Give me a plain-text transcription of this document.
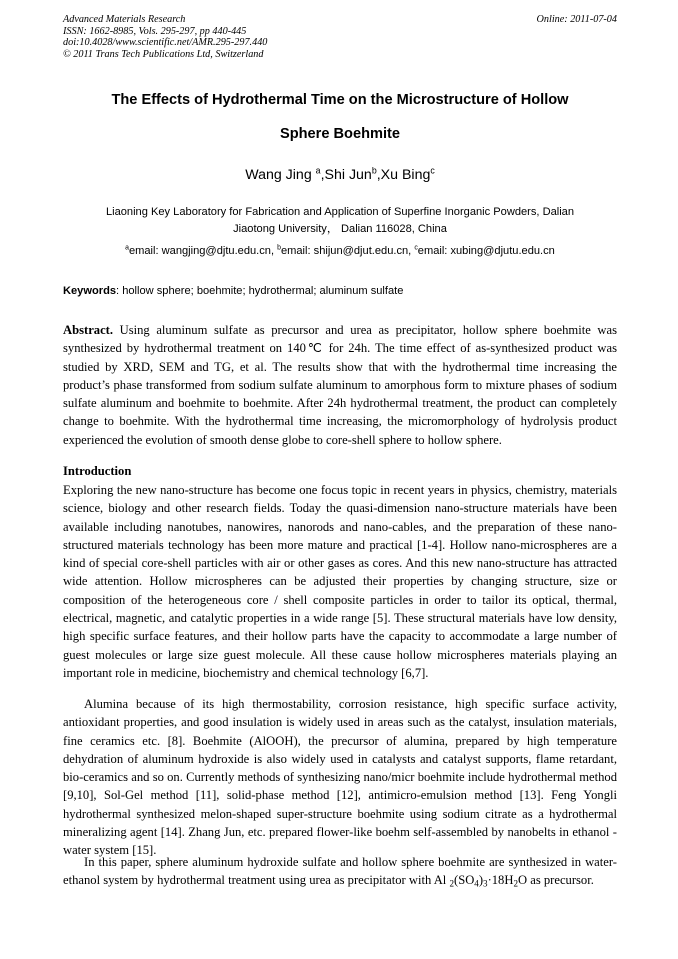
Advanced Materials Research
ISSN: 1662-8985, Vols. 295-297, pp 440-445
doi:10.4028/www.scientific.net/AMR.295-297.440
© 2011 Trans Tech Publications Ltd, Switzerland
Online: 2011-07-04
The Effects of Hydrothermal Time on the Microstructure of Hollow
Sphere Boehmite
Wang Jing $^a$,Shi Jun$^b$,Xu Bing$^c$
Liaoning Key Laboratory for Fabrication and Application of Superfine Inorganic Powders, Dalian
Jiaotong University， Dalian 116028, China
$^a$email: wangjing@djtu.edu.cn, $^b$email: shijun@djut.edu.cn, $^c$email: xubing@djutu.edu.cn
Keywords: hollow sphere; boehmite; hydrothermal; aluminum sulfate
Abstract. Using aluminum sulfate as precursor and urea as precipitator, hollow sphere boehmite was synthesized by hydrothermal treatment on 140℃ for 24h. The time effect of as-synthesized product was studied by XRD, SEM and TG, et al. The results show that with the hydrothermal time increasing the product’s phase transformed from sodium sulfate aluminum to amorphous form to mixture phases of sodium sulfate aluminum and boehmite to boehmite. After 24h hydrothermal treatment, the product can completely change to boehmite. With the hydrothermal time increasing, the micromorphology of hydrolysis product experienced the evolution of smooth dense globe to core-shell sphere to hollow sphere.
Introduction
Exploring the new nano-structure has become one focus topic in recent years in physics, chemistry, materials science, biology and other research fields. Today the quasi-dimension nano-structure materials have been available including nanotubes, nanowires, nanorods and nano-cables, and the preparation of these nano-structured materials technology has been more mature and practical [1-4]. Hollow nano-microspheres are a kind of special core-shell particles with air or other gases as cores. And this new nano-structure has attracted wide attention. Hollow microspheres can be adjusted their properties by changing structure, size or composition of the heterogeneous core / shell composite particles in order to tailor its optical, thermal, electrical, magnetic, and catalytic properties in a wide range [5]. These structural materials have low density, high specific surface features, and their hollow parts have the capacity to accommodate a large number of guest molecules or large size guest molecule. All these cause hollow microspheres materials playing an important role in medicine, biochemistry and chemical technology [6,7].
Alumina because of its high thermostability, corrosion resistance, high specific surface activity, antioxidant properties, and good insulation is widely used in areas such as the catalyst, insulation materials, fine ceramics etc. [8]. Boehmite (AlOOH), the precursor of alumina, prepared by high temperature dehydration of aluminum hydroxide is also widely used in catalysts and catalyst supports, flame retardant, bio-ceramics and so on. Currently methods of synthesizing nano/micr boehmite include hydrothermal method [9,10], Sol-Gel method [11], solid-phase method [12], antimicro-emulsion method [13]. Feng Yongli hydrothermal synthesized melon-shaped super-structure boehmite using sodium citrate as a hydrothermal mineralizing agent [14]. Zhang Jun, etc. prepared flower-like boehm self-assembled by nanobelts in ethanol - water system [15].
In this paper, sphere aluminum hydroxide sulfate and hollow sphere boehmite are synthesized in water-ethanol system by hydrothermal treatment using urea as precipitator with Al $_2(SO_4)_3\cdot 18H_2O$ as precursor.
